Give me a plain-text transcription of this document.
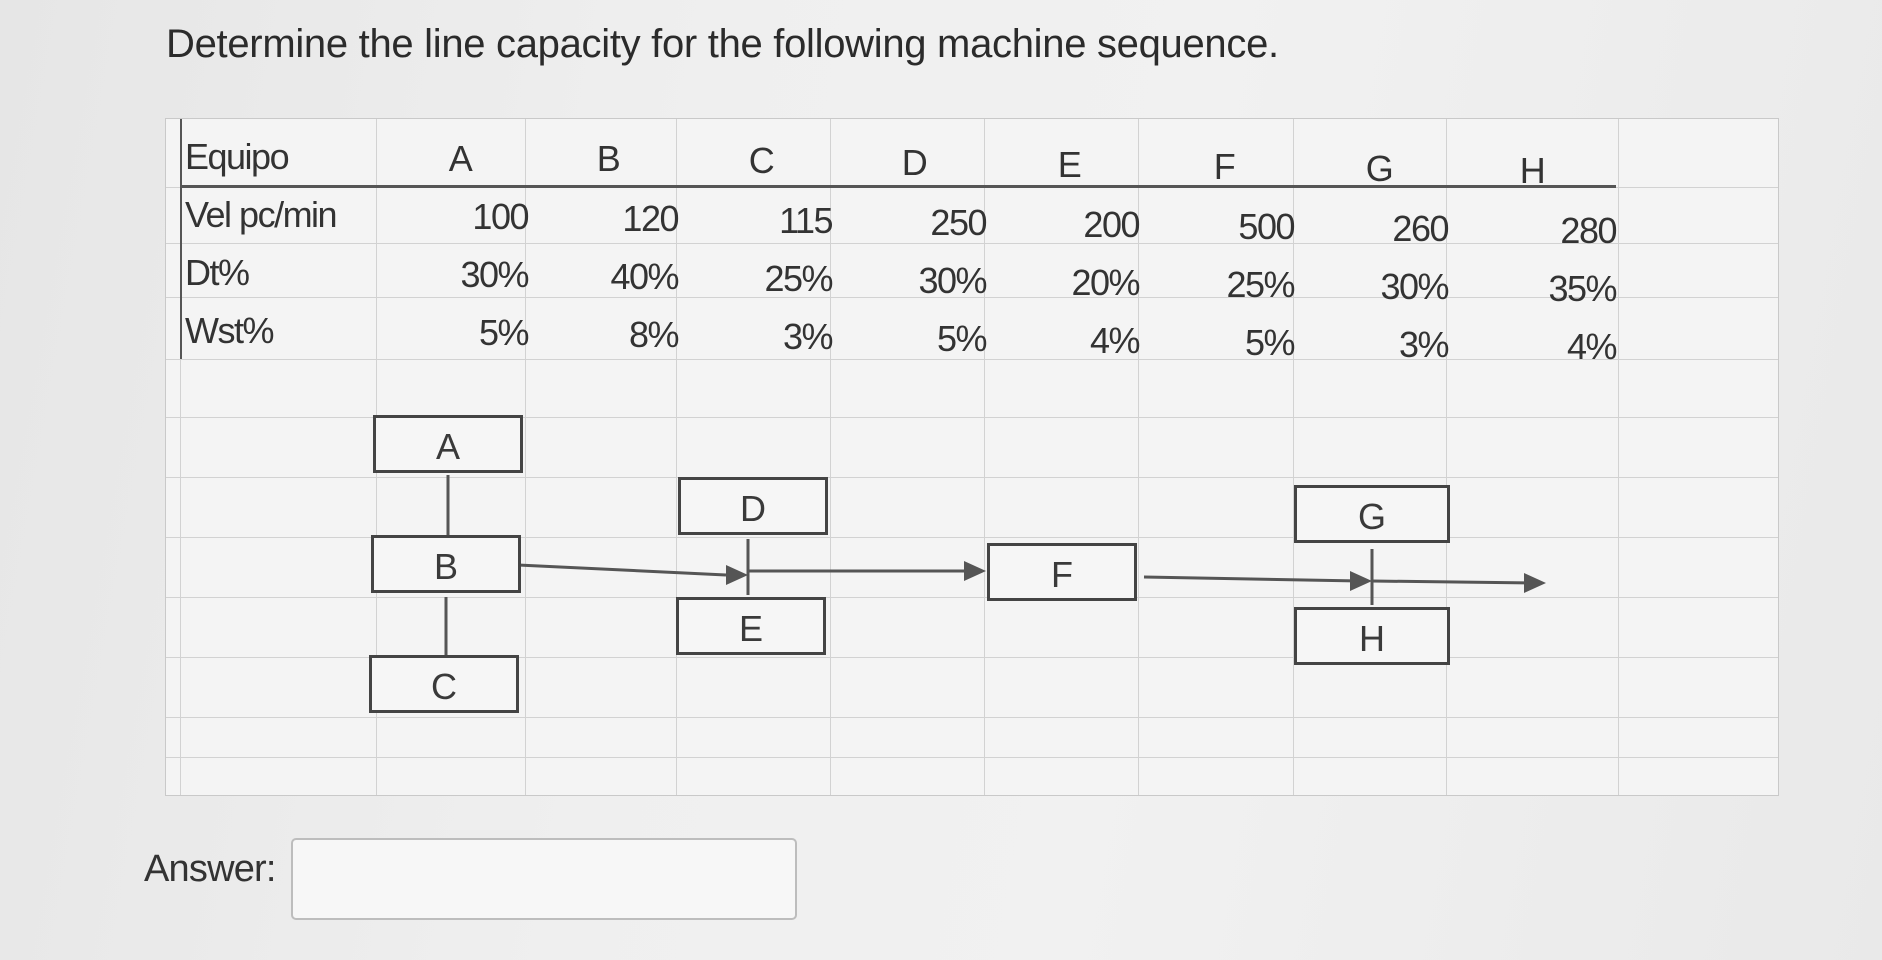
Determine the line capacity for the following machine sequence.
Equipo	A	B	C	D	E	F	G	H
Vel pc/min	100	120	115	250	200	500	260	280
Dt%	30%	40%	25%	30%	20%	25%	30%	35%
Wst%	5%	8%	3%	5%	4%	5%	3%	4%
A
B
C
D
E
F
G
H
Answer:
